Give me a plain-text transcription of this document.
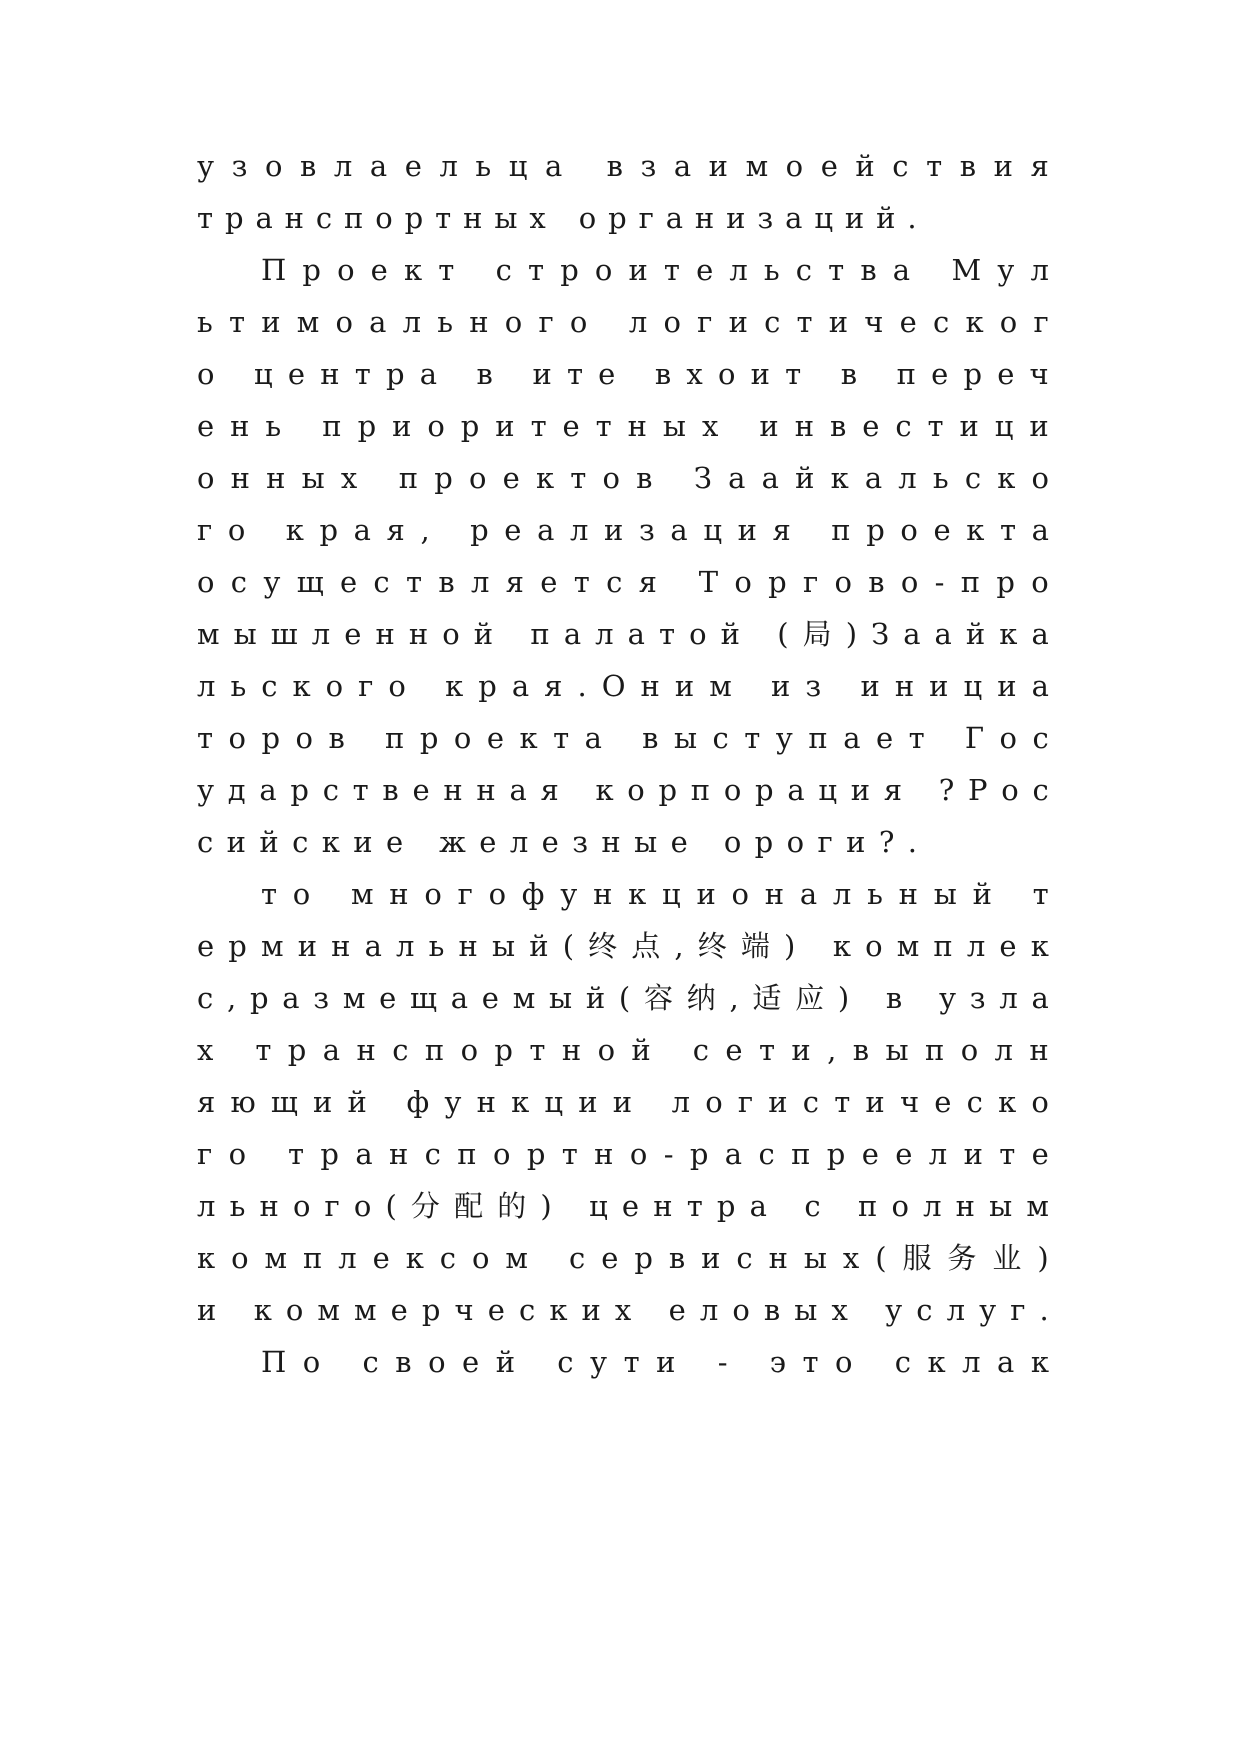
у з о в л а е л ь ц а
в з а и м о е й с т в и я
т р а н с п о р т н ы х
о р г а н и з а ц и й .
П р о е к т
с т р о и т е л ь с т в а
М у л
ь т и м о а л ь н о г о
л о г и с т и ч е с к о г
о
ц е н т р а
в
и т е
в х о и т
в
п е р е ч
е н ь
п р и о р и т е т н ы х
и н в е с т и ц и
о н н ы х
п р о е к т о в
З а а й к а л ь с к о
г о
к р а я ,
р е а л и з а ц и я
п р о е к т а
о с у щ е с т в л я е т с я
Т о р г о в о - п р о
м ы ш л е н н о й
п а л а т о й
( 局 ) З а а й к а
л ь с к о г о
к р а я . О н и м
и з
и н и ц и а
т о р о в
п р о е к т а
в ы с т у п а е т
Г о с
у д а р с т в е н н а я
к о р п о р а ц и я
? Р о с
с и й с к и е
ж е л е з н ы е
о р о г и ? .
т о
м н о г о ф у н к ц и о н а л ь н ы й
т
е р м и н а л ь н ы й ( 终 点 , 终 端 )
к о м п л е к
с , р а з м е щ а е м ы й ( 容 纳 , 适 应 )
в
у з л а
х
т р а н с п о р т н о й
с е т и , в ы п о л н
я ю щ и й
ф у н к ц и и
л о г и с т и ч е с к о
г о
т р а н с п о р т н о - р а с п р е е л и т е
л ь н о г о ( 分 配 的 )
ц е н т р а
с
п о л н ы м
к о м п л е к с о м
с е р в и с н ы х ( 服 务 业 )
и
к о м м е р ч е с к и х
е л о в ы х
у с л у г .
П о
с в о е й
с у т и
-
э т о
с к л а к
